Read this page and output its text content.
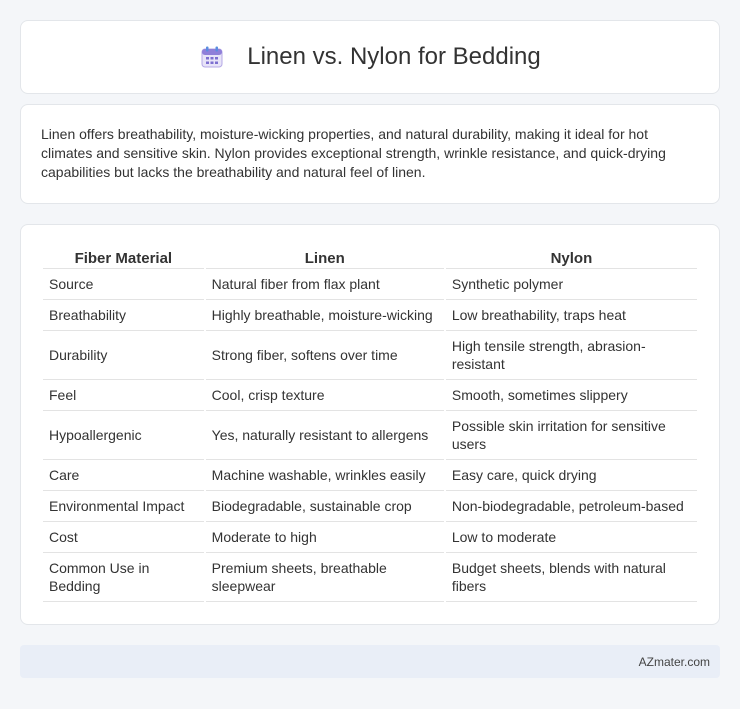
Linen vs. Nylon for Bedding

Linen offers breathability, moisture-wicking properties, and natural durability, making it ideal for hot climates and sensitive skin. Nylon provides exceptional strength, wrinkle resistance, and quick-drying capabilities but lacks the breathability and natural feel of linen.

Fiber Material	Linen	Nylon
Source	Natural fiber from flax plant	Synthetic polymer
Breathability	Highly breathable, moisture-wicking	Low breathability, traps heat
Durability	Strong fiber, softens over time	High tensile strength, abrasion-resistant
Feel	Cool, crisp texture	Smooth, sometimes slippery
Hypoallergenic	Yes, naturally resistant to allergens	Possible skin irritation for sensitive users
Care	Machine washable, wrinkles easily	Easy care, quick drying
Environmental Impact	Biodegradable, sustainable crop	Non-biodegradable, petroleum-based
Cost	Moderate to high	Low to moderate
Common Use in Bedding	Premium sheets, breathable sleepwear	Budget sheets, blends with natural fibers
AZmater.com
